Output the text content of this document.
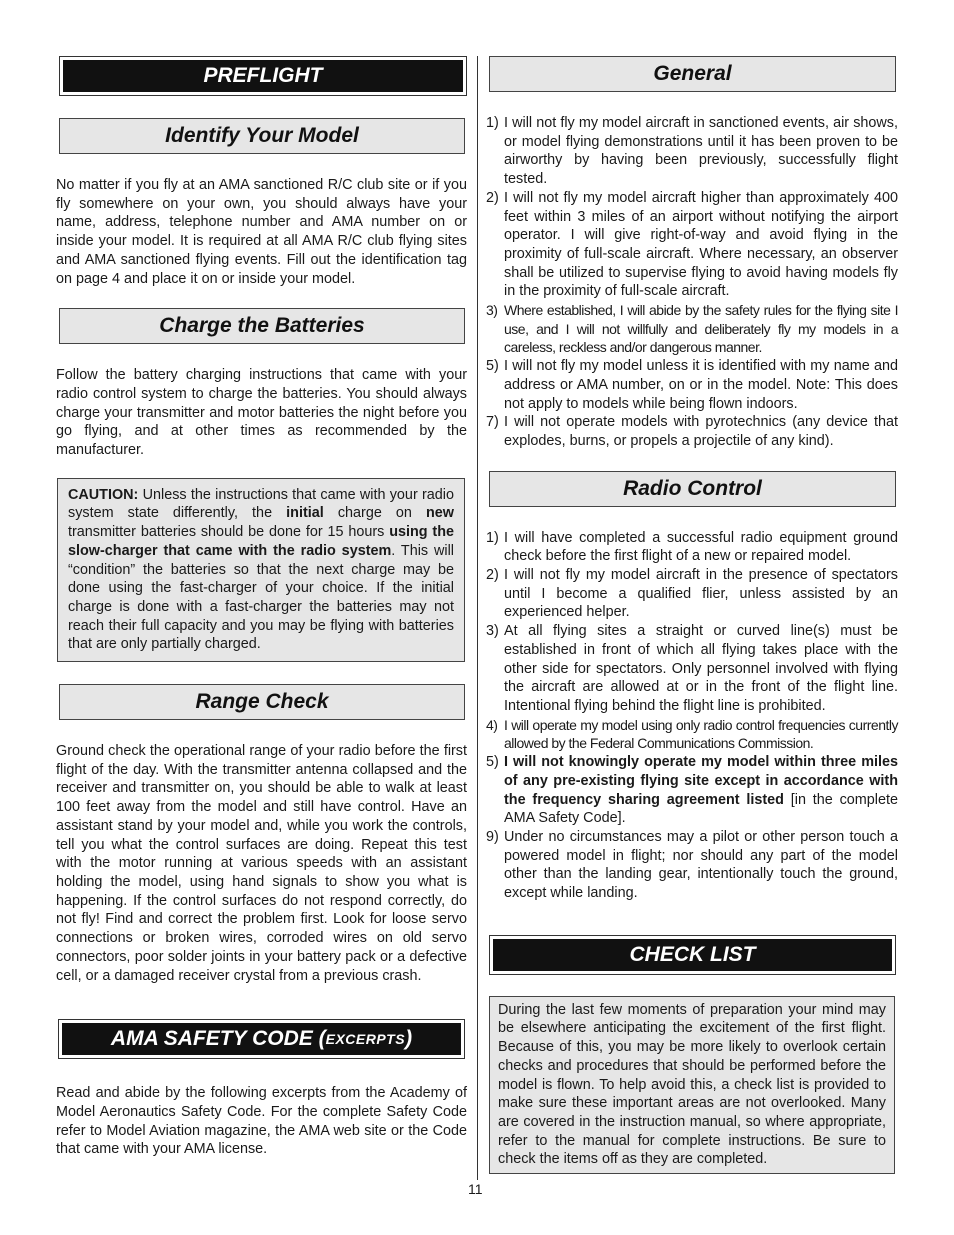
PREFLIGHT
Identify Your Model

No matter if you fly at an AMA sanctioned R/C club site or if you fly somewhere on your own, you should always have your name, address, telephone number and AMA number on or inside your model. It is required at all AMA R/C club flying sites and AMA sanctioned flying events. Fill out the identification tag on page 4 and place it on or inside your model.

Charge the Batteries

Follow the battery charging instructions that came with your radio control system to charge the batteries. You should always charge your transmitter and motor batteries the night before you go flying, and at other times as recommended by the manufacturer.

CAUTION: Unless the instructions that came with your radio system state differently, the initial charge on new transmitter batteries should be done for 15 hours using the slow-charger that came with the radio system. This will “condition” the batteries so that the next charge may be done using the fast-charger of your choice. If the initial charge is done with a fast-charger the batteries may not reach their full capacity and you may be flying with batteries that are only partially charged.
Range Check

Ground check the operational range of your radio before the first flight of the day. With the transmitter antenna collapsed and the receiver and transmitter on, you should be able to walk at least 100 feet away from the model and still have control. Have an assistant stand by your model and, while you work the controls, tell you what the control surfaces are doing. Repeat this test with the motor running at various speeds with an assistant holding the model, using hand signals to show you what is happening. If the control surfaces do not respond correctly, do not fly! Find and correct the problem first. Look for loose servo connections or broken wires, corroded wires on old servo connectors, poor solder joints in your battery pack or a defective cell, or a damaged receiver crystal from a previous crash.

AMA SAFETY CODE ( EXCERPTS )

Read and abide by the following excerpts from the Academy of Model Aeronautics Safety Code. For the complete Safety Code refer to Model Aviation magazine, the AMA web site or the Code that came with your AMA license.

General
1) I will not fly my model aircraft in sanctioned events, air shows, or model flying demonstrations until it has been proven to be airworthy by having been previously, successfully flight tested.
2) I will not fly my model aircraft higher than approximately 400 feet within 3 miles of an airport without notifying the airport operator. I will give right-of-way and avoid flying in the proximity of full-scale aircraft. Where necessary, an observer shall be utilized to supervise flying to avoid having models fly in the proximity of full-scale aircraft.
3) Where established, I will abide by the safety rules for the flying site I use, and I will not willfully and deliberately fly my models in a careless, reckless and/or dangerous manner.
5) I will not fly my model unless it is identified with my name and address or AMA number, on or in the model. Note: This does not apply to models while being flown indoors.
7) I will not operate models with pyrotechnics (any device that explodes, burns, or propels a projectile of any kind).
Radio Control
1) I will have completed a successful radio equipment ground check before the first flight of a new or repaired model.
2) I will not fly my model aircraft in the presence of spectators until I become a qualified flier, unless assisted by an experienced helper.
3) At all flying sites a straight or curved line(s) must be established in front of which all flying takes place with the other side for spectators. Only personnel involved with flying the aircraft are allowed at or in the front of the flight line. Intentional flying behind the flight line is prohibited.
4) I will operate my model using only radio control frequencies currently allowed by the Federal Communications Commission.
5) I will not knowingly operate my model within three miles of any pre-existing flying site except in accordance with the frequency sharing agreement listed [in the complete AMA Safety Code].
9) Under no circumstances may a pilot or other person touch a powered model in flight; nor should any part of the model other than the landing gear, intentionally touch the ground, except while landing.
CHECK LIST
During the last few moments of preparation your mind may be elsewhere anticipating the excitement of the first flight. Because of this, you may be more likely to overlook certain checks and procedures that should be performed before the model is flown. To help avoid this, a check list is provided to make sure these important areas are not overlooked. Many are covered in the instruction manual, so where appropriate, refer to the manual for complete instructions. Be sure to check the items off as they are completed.
11
